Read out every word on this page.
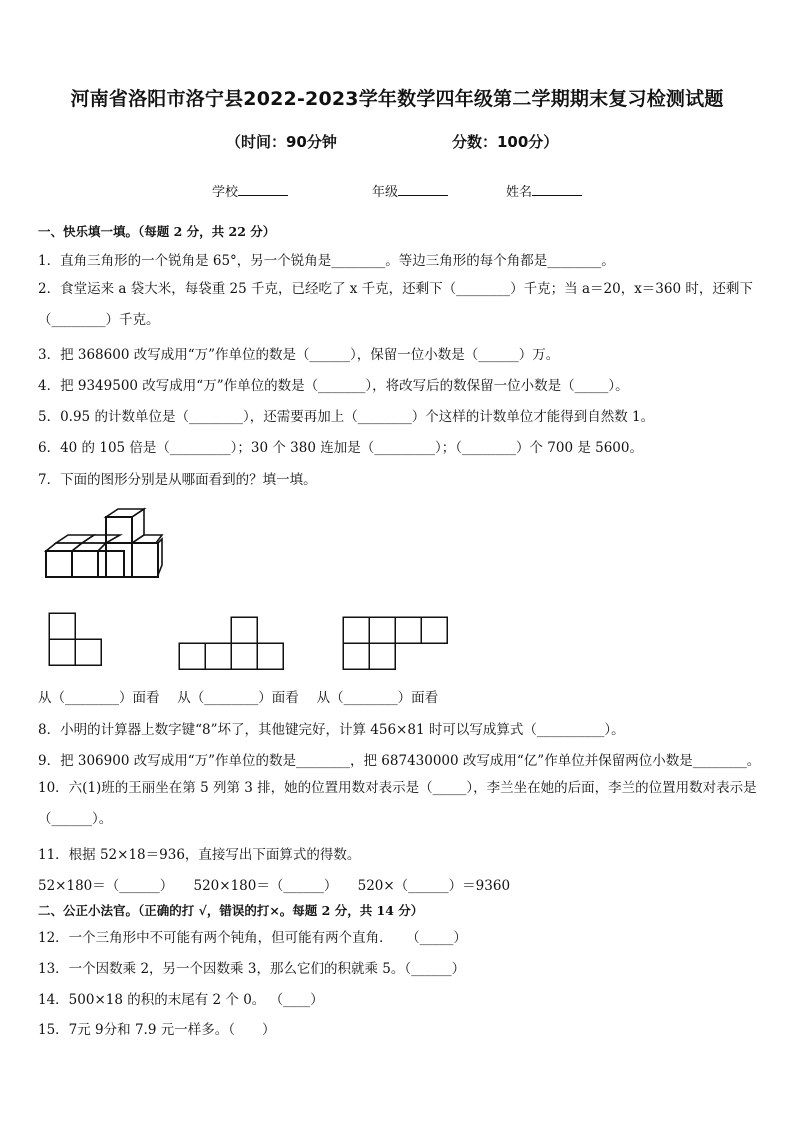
河南省洛阳市洛宁县2022-2023学年数学四年级第二学期期末复习检测试题
（时间：90分钟	分数：100分）
学校	年级	姓名
一、快乐填一填。（每题 2 分，共 22 分）
1．直角三角形的一个锐角是 65°，另一个锐角是________。等边三角形的每个角都是________。
2．食堂运来 a 袋大米，每袋重 25 千克，已经吃了 x 千克，还剩下（________）千克；当 a＝20，x＝360 时，还剩下（________）千克。
3．把 368600 改写成用“万”作单位的数是（______），保留一位小数是（______）万。
4．把 9349500 改写成用“万”作单位的数是（_______），将改写后的数保留一位小数是（_____）。
5．0.95 的计数单位是（________），还需要再加上（________）个这样的计数单位才能得到自然数 1。
6．40 的 105 倍是（_________）；30 个 380 连加是（_________）；（________）个 700 是 5600。
7．下面的图形分别是从哪面看到的？填一填。
从（________）面看　 从（________）面看　 从（________）面看
8．小明的计算器上数字键“8”坏了，其他键完好，计算 456×81 时可以写成算式（__________）。
9．把 306900 改写成用“万”作单位的数是________，把 687430000 改写成用“亿”作单位并保留两位小数是________。
10．六(1)班的王丽坐在第 5 列第 3 排，她的位置用数对表示是（_____），李兰坐在她的后面，李兰的位置用数对表示是（______）。
11．根据 52×18＝936，直接写出下面算式的得数。
52×180＝（______）　　520×180＝（______）　　520×（______）＝9360
二、公正小法官。（正确的打 √，错误的打×。每题 2 分，共 14 分）
12．一个三角形中不可能有两个钝角，但可能有两个直角．　　（_____）
13．一个因数乘 2，另一个因数乘 3，那么它们的积就乘 5。（______）
14．500×18 的积的末尾有 2 个 0。 （____）
15．7元 9分和 7.9 元一样多。（　　）
